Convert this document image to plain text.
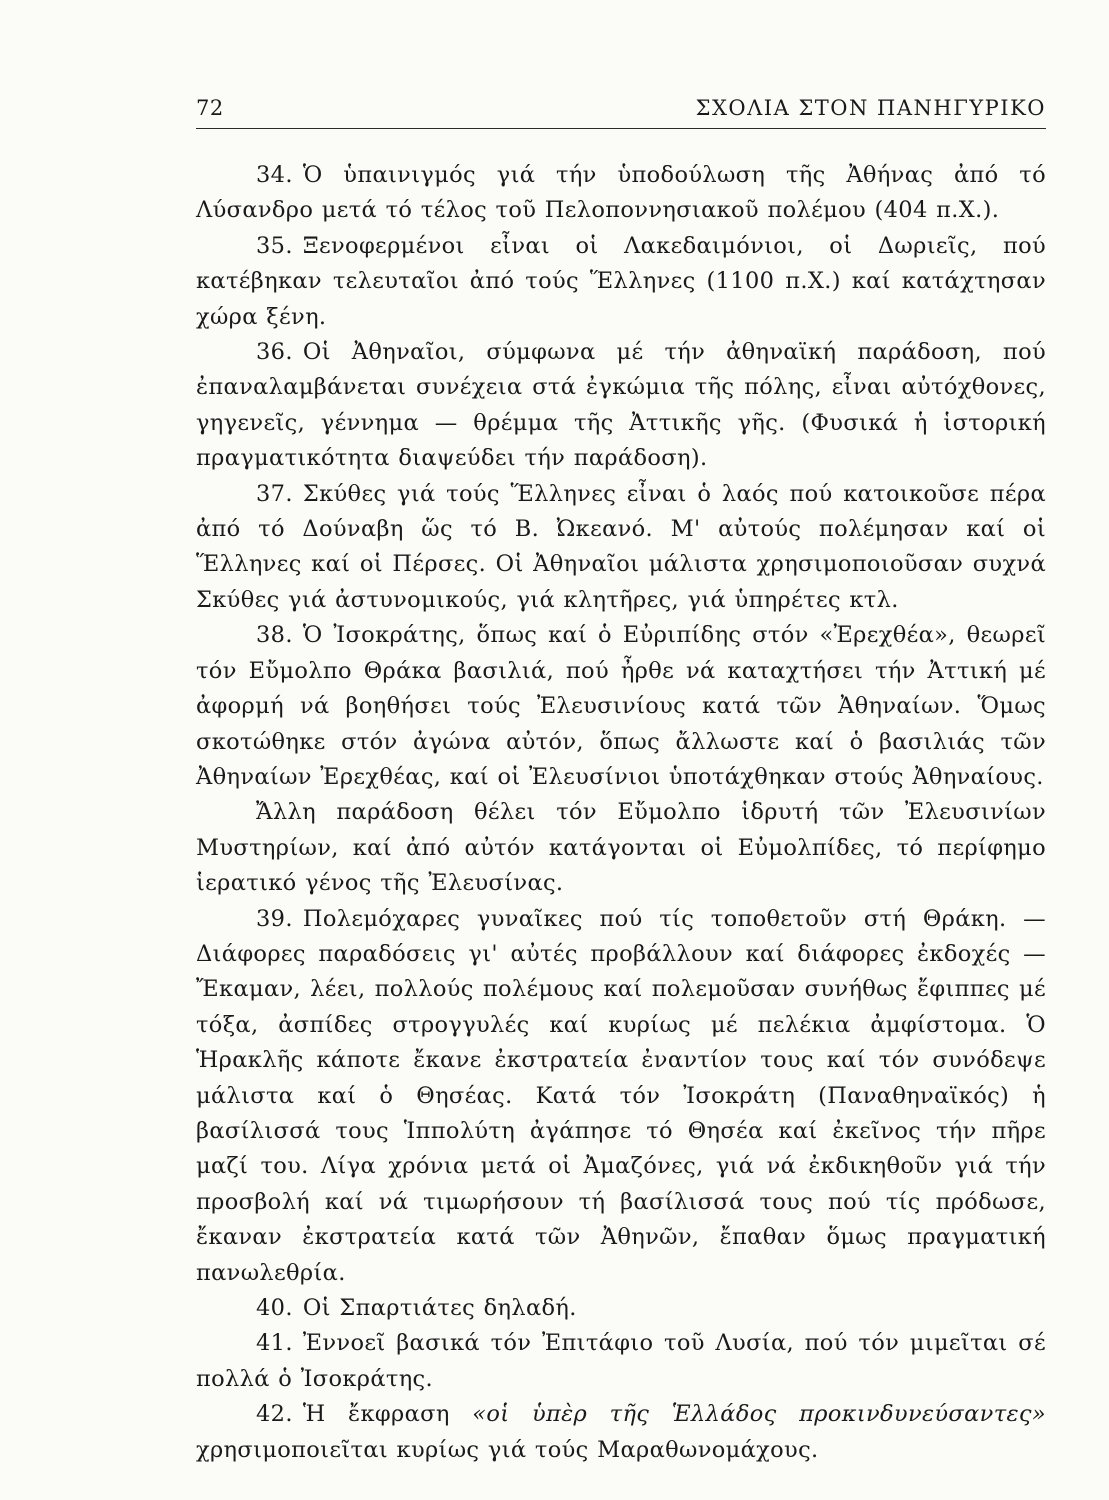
72	ΣΧΟΛΙΑ ΣΤΟΝ ΠΑΝΗΓΥΡΙΚΟ

34. Ὁ ὑπαινιγμός γιά τήν ὑποδούλωση τῆς Ἀθήνας ἀπό τό Λύσανδρο μετά τό τέλος τοῦ Πελοποννησιακοῦ πολέμου (404 π.Χ.).

35. Ξενοφερμένοι εἶναι οἱ Λακεδαιμόνιοι, οἱ Δωριεῖς, πού κατέβηκαν τελευταῖοι ἀπό τούς Ἕλληνες (1100 π.Χ.) καί κατάχτησαν χώρα ξένη.

36. Οἱ Ἀθηναῖοι, σύμφωνα μέ τήν ἀθηναϊκή παράδοση, πού ἐπαναλαμβάνεται συνέχεια στά ἐγκώμια τῆς πόλης, εἶναι αὐτόχθονες, γηγενεῖς, γέννημα — θρέμμα τῆς Ἀττικῆς γῆς. (Φυσικά ἡ ἱστορική πραγματικότητα διαψεύδει τήν παράδοση).

37. Σκύθες γιά τούς Ἕλληνες εἶναι ὁ λαός πού κατοικοῦσε πέρα ἀπό τό Δούναβη ὥς τό Β. Ὠκεανό. Μ' αὐτούς πολέμησαν καί οἱ Ἕλληνες καί οἱ Πέρσες. Οἱ Ἀθηναῖοι μάλιστα χρησιμοποιοῦσαν συχνά Σκύθες γιά ἀστυνομικούς, γιά κλητῆρες, γιά ὑπηρέτες κτλ.

38. Ὁ Ἰσοκράτης, ὅπως καί ὁ Εὐριπίδης στόν «Ἐρεχθέα», θεωρεῖ τόν Εὔμολπο Θράκα βασιλιά, πού ἦρθε νά καταχτήσει τήν Ἀττική μέ ἀφορμή νά βοηθήσει τούς Ἐλευσινίους κατά τῶν Ἀθηναίων. Ὅμως σκοτώθηκε στόν ἀγώνα αὐτόν, ὅπως ἄλλωστε καί ὁ βασιλιάς τῶν Ἀθηναίων Ἐρεχθέας, καί οἱ Ἐλευσίνιοι ὑποτάχθηκαν στούς Ἀθηναίους.

Ἄλλη παράδοση θέλει τόν Εὔμολπο ἱδρυτή τῶν Ἐλευσινίων Μυστηρίων, καί ἀπό αὐτόν κατάγονται οἱ Εὐμολπίδες, τό περίφημο ἱερατικό γένος τῆς Ἐλευσίνας.

39. Πολεμόχαρες γυναῖκες πού τίς τοποθετοῦν στή Θράκη. — Διάφορες παραδόσεις γι' αὐτές προβάλλουν καί διάφορες ἐκδοχές — Ἔκαμαν, λέει, πολλούς πολέμους καί πολεμοῦσαν συνήθως ἔφιππες μέ τόξα, ἀσπίδες στρογγυλές καί κυρίως μέ πελέκια ἀμφίστομα. Ὁ Ἡρακλῆς κάποτε ἔκανε ἐκστρατεία ἐναντίον τους καί τόν συνόδεψε μάλιστα καί ὁ Θησέας. Κατά τόν Ἰσοκράτη (Παναθηναϊκός) ἡ βασίλισσά τους Ἱππολύτη ἀγάπησε τό Θησέα καί ἐκεῖνος τήν πῆρε μαζί του. Λίγα χρόνια μετά οἱ Ἀμαζόνες, γιά νά ἐκδικηθοῦν γιά τήν προσβολή καί νά τιμωρήσουν τή βασίλισσά τους πού τίς πρόδωσε, ἔκαναν ἐκστρατεία κατά τῶν Ἀθηνῶν, ἔπαθαν ὅμως πραγματική πανωλεθρία.

40. Οἱ Σπαρτιάτες δηλαδή.

41. Ἐννοεῖ βασικά τόν Ἐπιτάφιο τοῦ Λυσία, πού τόν μιμεῖται σέ πολλά ὁ Ἰσοκράτης.

42. Ἡ ἔκφραση «οἱ ὑπὲρ τῆς Ἑλλάδος προκινδυνεύσαντες» χρησιμοποιεῖται κυρίως γιά τούς Μαραθωνομάχους.
